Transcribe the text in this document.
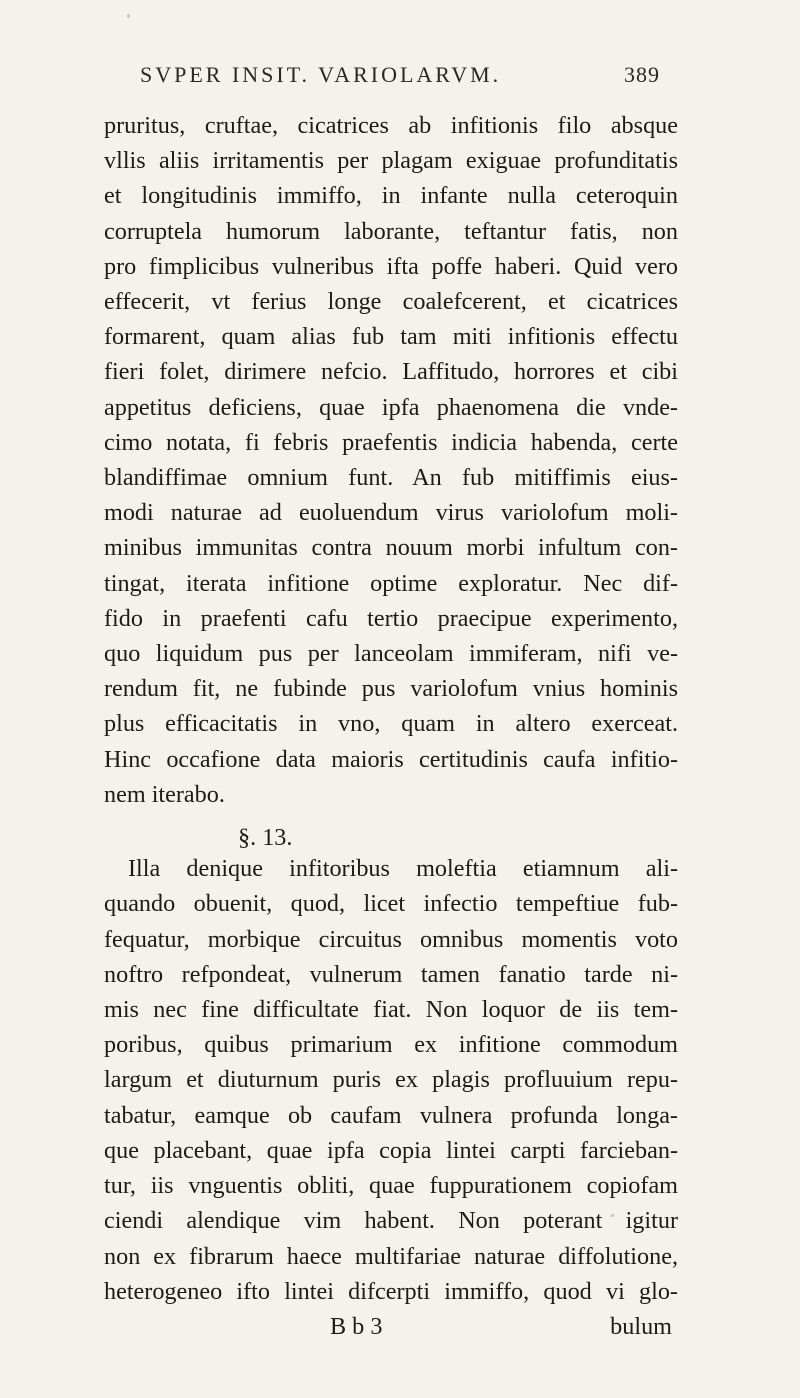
SVPER INSIT. VARIOLARVM.	389
pruritus, cruftae, cicatrices ab infitionis filo absque
vllis aliis irritamentis per plagam exiguae profunditatis
et longitudinis immiffo, in infante nulla ceteroquin
corruptela humorum laborante, teftantur fatis, non
pro fimplicibus vulneribus ifta poffe haberi. Quid vero
effecerit, vt ferius longe coalefcerent, et cicatrices
formarent, quam alias fub tam miti infitionis effectu
fieri folet, dirimere nefcio. Laffitudo, horrores et cibi
appetitus deficiens, quae ipfa phaenomena die vnde-
cimo notata, fi febris praefentis indicia habenda, certe
blandiffimae omnium funt. An fub mitiffimis eius-
modi naturae ad euoluendum virus variolofum moli-
minibus immunitas contra nouum morbi infultum con-
tingat, iterata infitione optime exploratur. Nec dif-
fido in praefenti cafu tertio praecipue experimento,
quo liquidum pus per lanceolam immiferam, nifi ve-
rendum fit, ne fubinde pus variolofum vnius hominis
plus efficacitatis in vno, quam in altero exerceat.
Hinc occafione data maioris certitudinis caufa infitio-
nem iterabo.
§. 13.
Illa denique infitoribus moleftia etiamnum ali-
quando obuenit, quod, licet infectio tempeftiue fub-
fequatur, morbique circuitus omnibus momentis voto
noftro refpondeat, vulnerum tamen fanatio tarde ni-
mis nec fine difficultate fiat. Non loquor de iis tem-
poribus, quibus primarium ex infitione commodum
largum et diuturnum puris ex plagis profluuium repu-
tabatur, eamque ob caufam vulnera profunda longa-
que placebant, quae ipfa copia lintei carpti farcieban-
tur, iis vnguentis obliti, quae fuppurationem copiofam
ciendi alendique vim habent. Non poterant igitur
non ex fibrarum haece multifariae naturae diffolutione,
heterogeneo ifto lintei difcerpti immiffo, quod vi glo-
B b 3	bulum
